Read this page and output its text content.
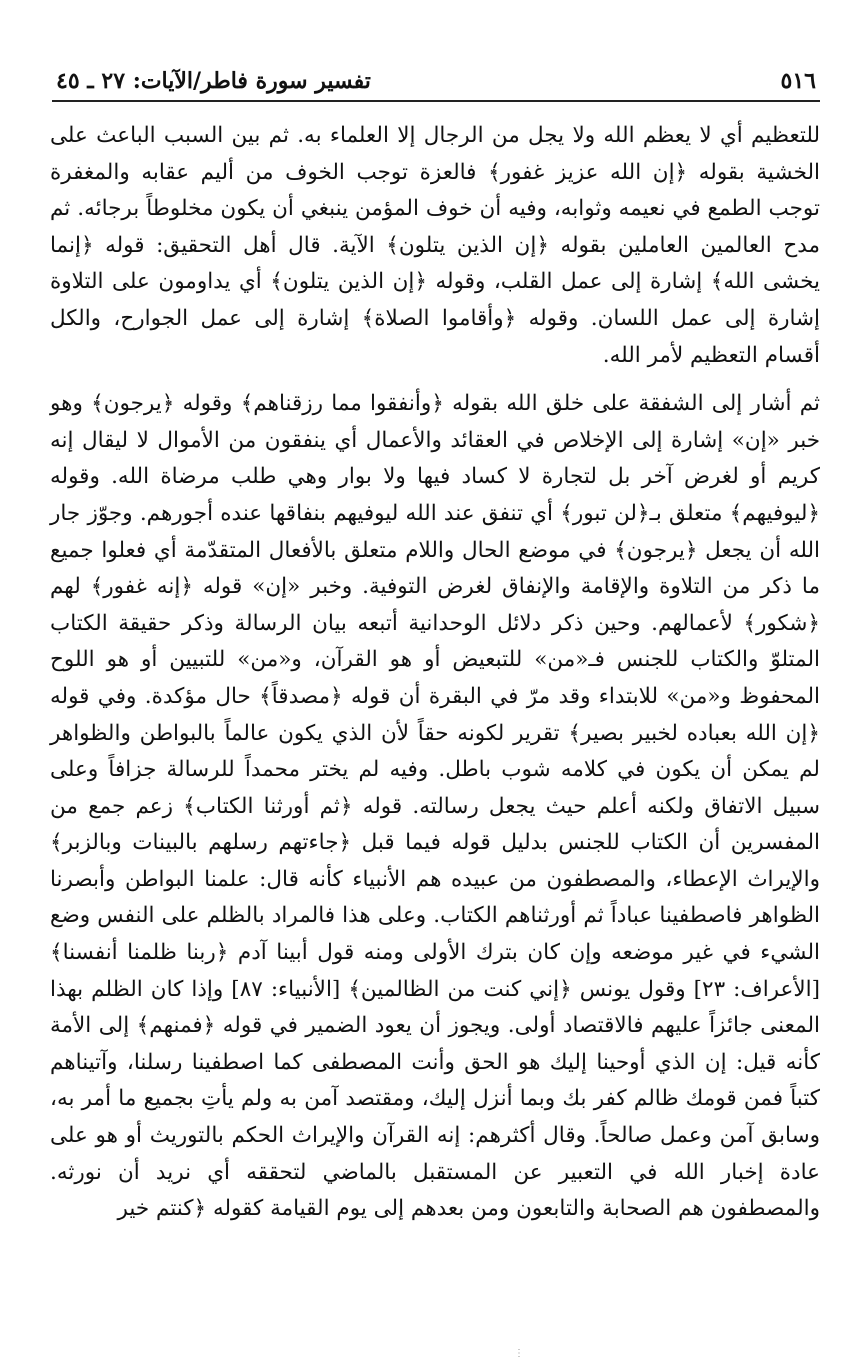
٥١٦
تفسير سورة فاطر/الآيات: ٢٧ ـ ٤٥

للتعظيم أي لا يعظم الله ولا يجل من الرجال إلا العلماء به. ثم بين السبب الباعث على الخشية بقوله ﴿إن الله عزيز غفور﴾ فالعزة توجب الخوف من أليم عقابه والمغفرة توجب الطمع في نعيمه وثوابه، وفيه أن خوف المؤمن ينبغي أن يكون مخلوطاً برجائه. ثم مدح العالمين العاملين بقوله ﴿إن الذين يتلون﴾ الآية. قال أهل التحقيق: قوله ﴿إنما يخشى الله﴾ إشارة إلى عمل القلب، وقوله ﴿إن الذين يتلون﴾ أي يداومون على التلاوة إشارة إلى عمل اللسان. وقوله ﴿وأقاموا الصلاة﴾ إشارة إلى عمل الجوارح، والكل أقسام التعظيم لأمر الله.

ثم أشار إلى الشفقة على خلق الله بقوله ﴿وأنفقوا مما رزقناهم﴾ وقوله ﴿يرجون﴾ وهو خبر «إن» إشارة إلى الإخلاص في العقائد والأعمال أي ينفقون من الأموال لا ليقال إنه كريم أو لغرض آخر بل لتجارة لا كساد فيها ولا بوار وهي طلب مرضاة الله. وقوله ﴿ليوفيهم﴾ متعلق بـ﴿لن تبور﴾ أي تنفق عند الله ليوفيهم بنفاقها عنده أجورهم. وجوّز جار الله أن يجعل ﴿يرجون﴾ في موضع الحال واللام متعلق بالأفعال المتقدّمة أي فعلوا جميع ما ذكر من التلاوة والإقامة والإنفاق لغرض التوفية. وخبر «إن» قوله ﴿إنه غفور﴾ لهم ﴿شكور﴾ لأعمالهم. وحين ذكر دلائل الوحدانية أتبعه بيان الرسالة وذكر حقيقة الكتاب المتلوّ والكتاب للجنس فـ«من» للتبعيض أو هو القرآن، و«من» للتبيين أو هو اللوح المحفوظ و«من» للابتداء وقد مرّ في البقرة أن قوله ﴿مصدقاً﴾ حال مؤكدة. وفي قوله ﴿إن الله بعباده لخبير بصير﴾ تقرير لكونه حقاً لأن الذي يكون عالماً بالبواطن والظواهر لم يمكن أن يكون في كلامه شوب باطل. وفيه لم يختر محمداً للرسالة جزافاً وعلى سبيل الاتفاق ولكنه أعلم حيث يجعل رسالته. قوله ﴿ثم أورثنا الكتاب﴾ زعم جمع من المفسرين أن الكتاب للجنس بدليل قوله فيما قبل ﴿جاءتهم رسلهم بالبينات وبالزبر﴾ والإيراث الإعطاء، والمصطفون من عبيده هم الأنبياء كأنه قال: علمنا البواطن وأبصرنا الظواهر فاصطفينا عباداً ثم أورثناهم الكتاب. وعلى هذا فالمراد بالظلم على النفس وضع الشيء في غير موضعه وإن كان بترك الأولى ومنه قول أبينا آدم ﴿ربنا ظلمنا أنفسنا﴾ [الأعراف: ٢٣] وقول يونس ﴿إني كنت من الظالمين﴾ [الأنبياء: ٨٧] وإذا كان الظلم بهذا المعنى جائزاً عليهم فالاقتصاد أولى. ويجوز أن يعود الضمير في قوله ﴿فمنهم﴾ إلى الأمة كأنه قيل: إن الذي أوحينا إليك هو الحق وأنت المصطفى كما اصطفينا رسلنا، وآتيناهم كتباً فمن قومك ظالم كفر بك وبما أنزل إليك، ومقتصد آمن به ولم يأتِ بجميع ما أمر به، وسابق آمن وعمل صالحاً. وقال أكثرهم: إنه القرآن والإيراث الحكم بالتوريث أو هو على عادة إخبار الله في التعبير عن المستقبل بالماضي لتحققه أي نريد أن نورثه. والمصطفون هم الصحابة والتابعون ومن بعدهم إلى يوم القيامة كقوله ﴿كنتم خير

⋮
